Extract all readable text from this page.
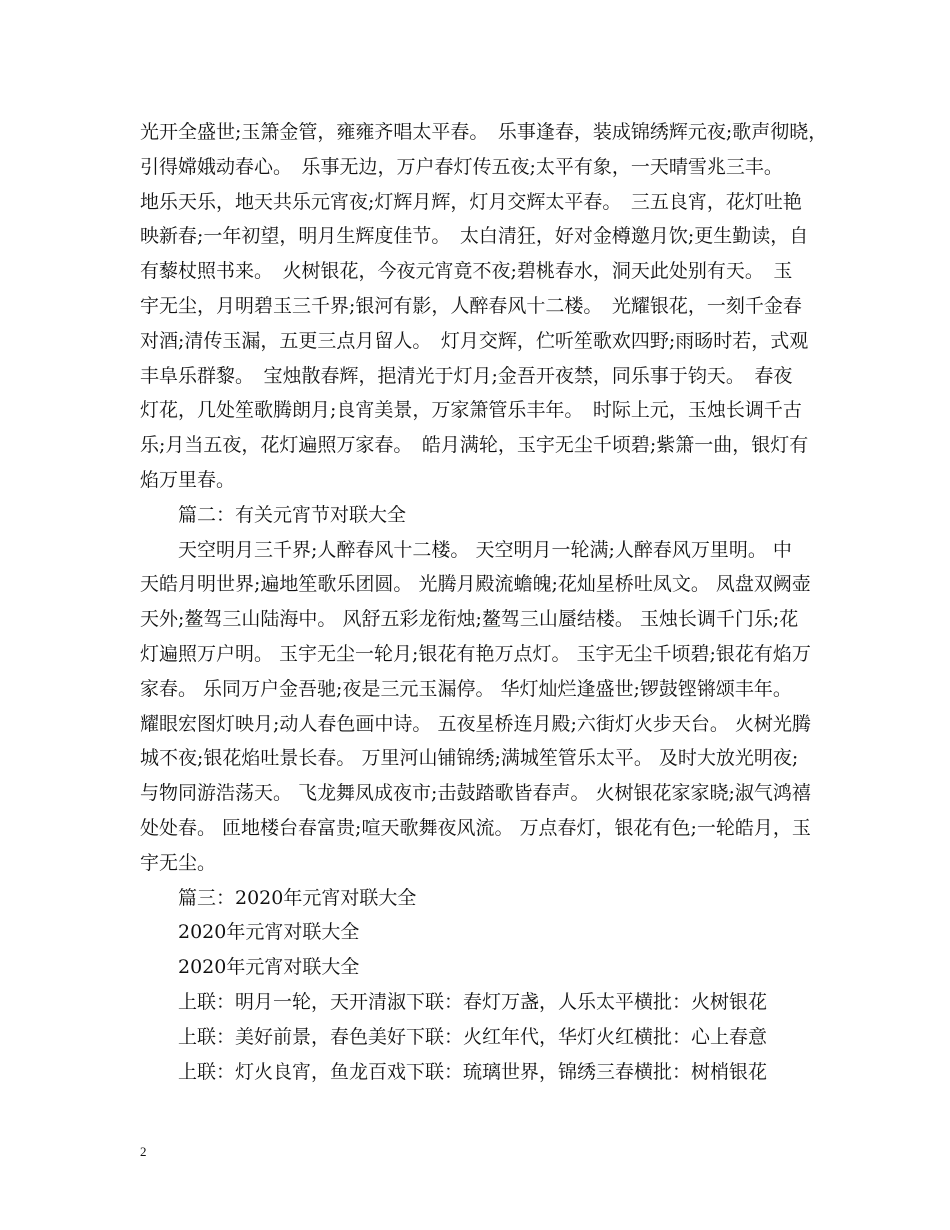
光开全盛世;玉箫金管，雍雍齐唱太平春。　乐事逢春，装成锦绣辉元夜;歌声彻晓，
引得嫦娥动春心。　乐事无边，万户春灯传五夜;太平有象，一天晴雪兆三丰。
地乐天乐，地天共乐元宵夜;灯辉月辉，灯月交辉太平春。　三五良宵，花灯吐艳
映新春;一年初望，明月生辉度佳节。　太白清狂，好对金樽邀月饮;更生勤读，自
有藜杖照书来。　火树银花，今夜元宵竟不夜;碧桃春水，洞天此处别有天。　玉
宇无尘，月明碧玉三千界;银河有影，人醉春风十二楼。　光耀银花，一刻千金春
对酒;清传玉漏，五更三点月留人。　灯月交辉，伫听笙歌欢四野;雨旸时若，式观
丰阜乐群黎。　宝烛散春辉，挹清光于灯月;金吾开夜禁，同乐事于钧天。　春夜
灯花，几处笙歌腾朗月;良宵美景，万家箫管乐丰年。　时际上元，玉烛长调千古
乐;月当五夜，花灯遍照万家春。　皓月满轮，玉宇无尘千顷碧;紫箫一曲，银灯有
焰万里春。
　　篇二：有关元宵节对联大全
　　天空明月三千界;人醉春风十二楼。 天空明月一轮满;人醉春风万里明。 中
天皓月明世界;遍地笙歌乐团圆。 光腾月殿流蟾魄;花灿星桥吐凤文。 凤盘双阙壶
天外;鳌驾三山陆海中。 风舒五彩龙衔烛;鳌驾三山蜃结楼。 玉烛长调千门乐;花
灯遍照万户明。 玉宇无尘一轮月;银花有艳万点灯。 玉宇无尘千顷碧;银花有焰万
家春。 乐同万户金吾驰;夜是三元玉漏停。 华灯灿烂逢盛世;锣鼓铿锵颂丰年。
耀眼宏图灯映月;动人春色画中诗。 五夜星桥连月殿;六街灯火步天台。 火树光腾
城不夜;银花焰吐景长春。 万里河山铺锦绣;满城笙管乐太平。 及时大放光明夜;
与物同游浩荡天。 飞龙舞凤成夜市;击鼓踏歌皆春声。 火树银花家家晓;淑气鸿禧
处处春。 匝地楼台春富贵;喧天歌舞夜风流。 万点春灯，银花有色;一轮皓月，玉
宇无尘。
　　篇三：2020年元宵对联大全
　　2020年元宵对联大全
　　2020年元宵对联大全
　　上联：明月一轮，天开清淑下联：春灯万盏，人乐太平横批：火树银花
　　上联：美好前景，春色美好下联：火红年代，华灯火红横批：心上春意
　　上联：灯火良宵，鱼龙百戏下联：琉璃世界，锦绣三春横批：树梢银花
2
